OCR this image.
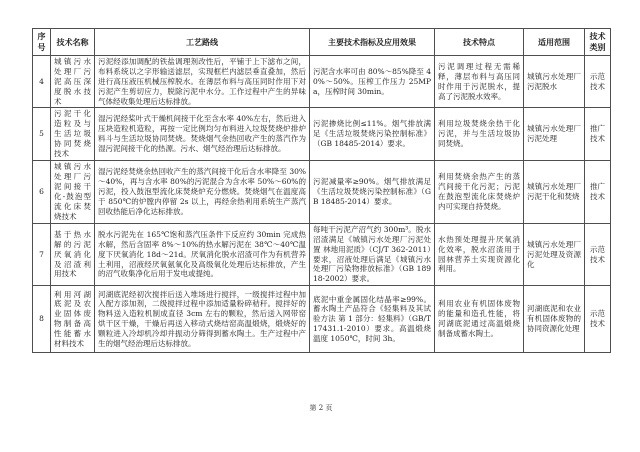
序号	技术名称	工艺路线	主要技术指标及应用效果	技术特点	适用范围	技术类别
4	城镇污水处理厂污泥高压深度脱水技术	污泥经添加调配的铁盐调理剂改性后，平铺于上下滤布之间，布料系统以之字形输送滤层，实现框栏内滤层垂直叠加，然后进行高压液压机械压榨脱水。在薄层布料与高压同时作用下对污泥产生剪切应力，脱除污泥中水分。工作过程中产生的异味气体经收集处理后达标排放。	污泥含水率可由 80%～85%降至 40%～50%。压榨工作压力 25MPa，压榨时间 30min。	污泥调理过程无需稀释，薄层布料与高压同时作用于污泥脱水，提高了污泥脱水效率。	城镇污水处理厂污泥脱水	示范技术
5	污泥干化造粒及与生活垃圾协同焚烧技术	湿污泥经桨叶式干燥机间接干化至含水率 40%左右，然后进入压块造粒机造粒，再按一定比例均匀布料进入垃圾焚烧炉排炉料斗与生活垃圾协同焚烧。焚烧烟气余热回收产生的蒸汽作为湿污泥间接干化的热源。污水、烟气经治理后达标排放。	污泥掺烧比例≤11%。烟气排放满足《生活垃圾焚烧污染控制标准》（GB 18485-2014）要求。	利用垃圾焚烧余热干化污泥，并与生活垃圾协同焚烧。	城镇污水处理厂污泥处理	推广技术
6	城镇污水处理厂污泥间接干化-鼓泡型流化床焚烧技术	湿污泥经焚烧余热回收产生的蒸汽间接干化后含水率降至 30%～40%，再与含水率 80%的污泥混合为含水率 50%～60%的污泥，投入鼓泡型流化床焚烧炉充分燃烧。焚烧烟气在温度高于 850℃的炉膛内停留 2s 以上，再经余热利用系统生产蒸汽回收热能后净化达标排放。	污泥减量率≥90%。烟气排放满足《生活垃圾焚烧污染控制标准》（GB 18485-2014）要求。	利用焚烧余热产生的蒸汽间接干化污泥；污泥在鼓泡型流化床焚烧炉内可实现自持焚烧。	城镇污水处理厂污泥干化和焚烧	推广技术
7	基于热水解的污泥厌氧消化及沼渣利用技术	脱水污泥先在 165℃饱和蒸汽压条件下反应约 30min 完成热水解，然后含固率 8%～10%的热水解污泥在 38℃～40℃温度下厌氧消化 18d～21d。厌氧消化脱水沼渣可作为有机营养土利用，沼液经厌氧氨氧化及高级氧化处理后达标排放，产生的沼气收集净化后用于发电或提纯。	每吨干污泥产沼气约 300m³。脱水沼渣满足《城镇污水处理厂污泥处置 林地用泥质》（CJ/T 362-2011）要求，沼液处理后满足《城镇污水处理厂污染物排放标准》（GB 18918-2002）要求。	水热预处理提升厌氧消化效率，脱水沼渣用于园林营养土实现资源化利用。	城镇污水处理厂污泥处理及资源化	示范技术
8	利用河湖底泥及农业固体废物制备高性能蓄水材料技术	河湖底泥经初次搅拌后送入堆场进行搅拌，一级搅拌过程中加入配方添加剂，二级搅拌过程中添加适量粉碎秸秆。搅拌好的物料送入造粒机制成直径 3cm 左右的颗粒，然后送入网带窑烘干区干燥，干燥后再送入移动式烧结窑高温煅烧，煅烧好的颗粒进入冷却机冷却并振动分筛得到蓄水陶土。生产过程中产生的烟气经治理后达标排放。	底泥中重金属固化结晶率≥99%。蓄水陶土产品符合《轻集料及其试验方法 第 1 部分：轻集料》（GB/T 17431.1-2010）要求。高温煅烧温度 1050℃，时间 3h。	利用农业有机固体废物的能量和造孔性能，将河湖底泥通过高温煅烧制备成蓄水陶土。	河湖底泥和农业有机固体废物的协同资源化处理	示范技术
第 2 页
